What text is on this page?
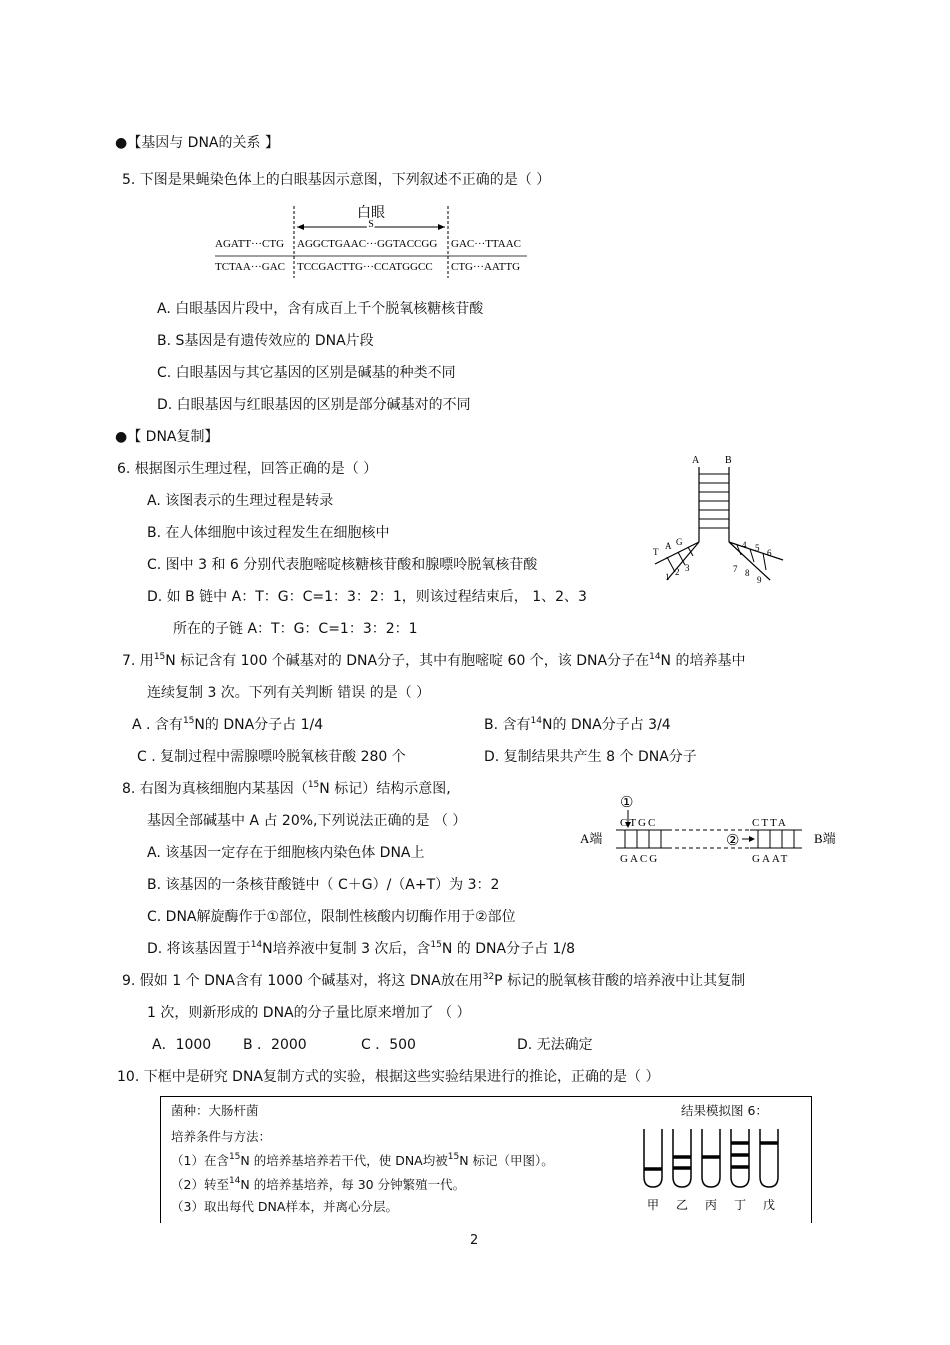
●【基因与 DNA的关系 】
5. 下图是果蝇染色体上的白眼基因示意图，下列叙述不正确的是（ ）
白眼
S
AGATT···CTG AGGCTGAAC···GGTACCGG GAC···TTAAC
TCTAA···GAC TCCGACTTG···CCATGGCC CTG···AATTG
A. 白眼基因片段中，含有成百上千个脱氧核糖核苷酸
B. S基因是有遗传效应的 DNA片段
C. 白眼基因与其它基因的区别是碱基的种类不同
D. 白眼基因与红眼基因的区别是部分碱基对的不同
●【 DNA复制】
6. 根据图示生理过程，回答正确的是（ ）
A	B
T
A G
1 2 3
4 5 6
7 8
9
A. 该图表示的生理过程是转录
B. 在人体细胞中该过程发生在细胞核中
C. 图中 3 和 6 分别代表胞嘧啶核糖核苷酸和腺嘌呤脱氧核苷酸
D. 如 B 链中 A：T：G：C=1：3：2：1，则该过程结束后， 1、2、3
所在的子链 A：T：G：C=1：3：2：1
7. 用$^{15}$N 标记含有 100 个碱基对的 DNA分子，其中有胞嘧啶 60 个，该 DNA分子在$^{14}$N 的培养基中
连续复制 3 次。下列有关判断 错误 的是（ ）
A . 含有$^{15}$N的 DNA分子占 1/4	B. 含有$^{14}$N的 DNA分子占 3/4
C . 复制过程中需腺嘌呤脱氧核苷酸 280 个	D. 复制结果共产生 8 个 DNA分子
8. 右图为真核细胞内某基因（$^{15}$N 标记）结构示意图,
基因全部碱基中 A 占 20%,下列说法正确的是 （ ）
①
CTGC	CTTA
A端	B端
②
GACG	GAAT
A. 该基因一定存在于细胞核内染色体 DNA上
B. 该基因的一条核苷酸链中（ C＋G）/（A+T）为 3：2
C. DNA解旋酶作于①部位，限制性核酸内切酶作用于②部位
D. 将该基因置于$^{14}$N培养液中复制 3 次后，含$^{15}$N 的 DNA分子占 1/8
9. 假如 1 个 DNA含有 1000 个碱基对，将这 DNA放在用$^{32}$P 标记的脱氧核苷酸的培养液中让其复制
1 次，则新形成的 DNA的分子量比原来增加了 （ ）
A．1000 B ．2000	C ．500	D. 无法确定
10. 下框中是研究 DNA复制方式的实验，根据这些实验结果进行的推论，正确的是（ ）
菌种：大肠杆菌	结果模拟图 6：
培养条件与方法：
（1）在含$^{15}$N 的培养基培养若干代，使 DNA均被$^{15}$N 标记（甲图）。
（2）转至$^{14}$N 的培养基培养，每 30 分钟繁殖一代。
（3）取出每代 DNA样本，并离心分层。	甲 乙 丙 丁 戊
2
